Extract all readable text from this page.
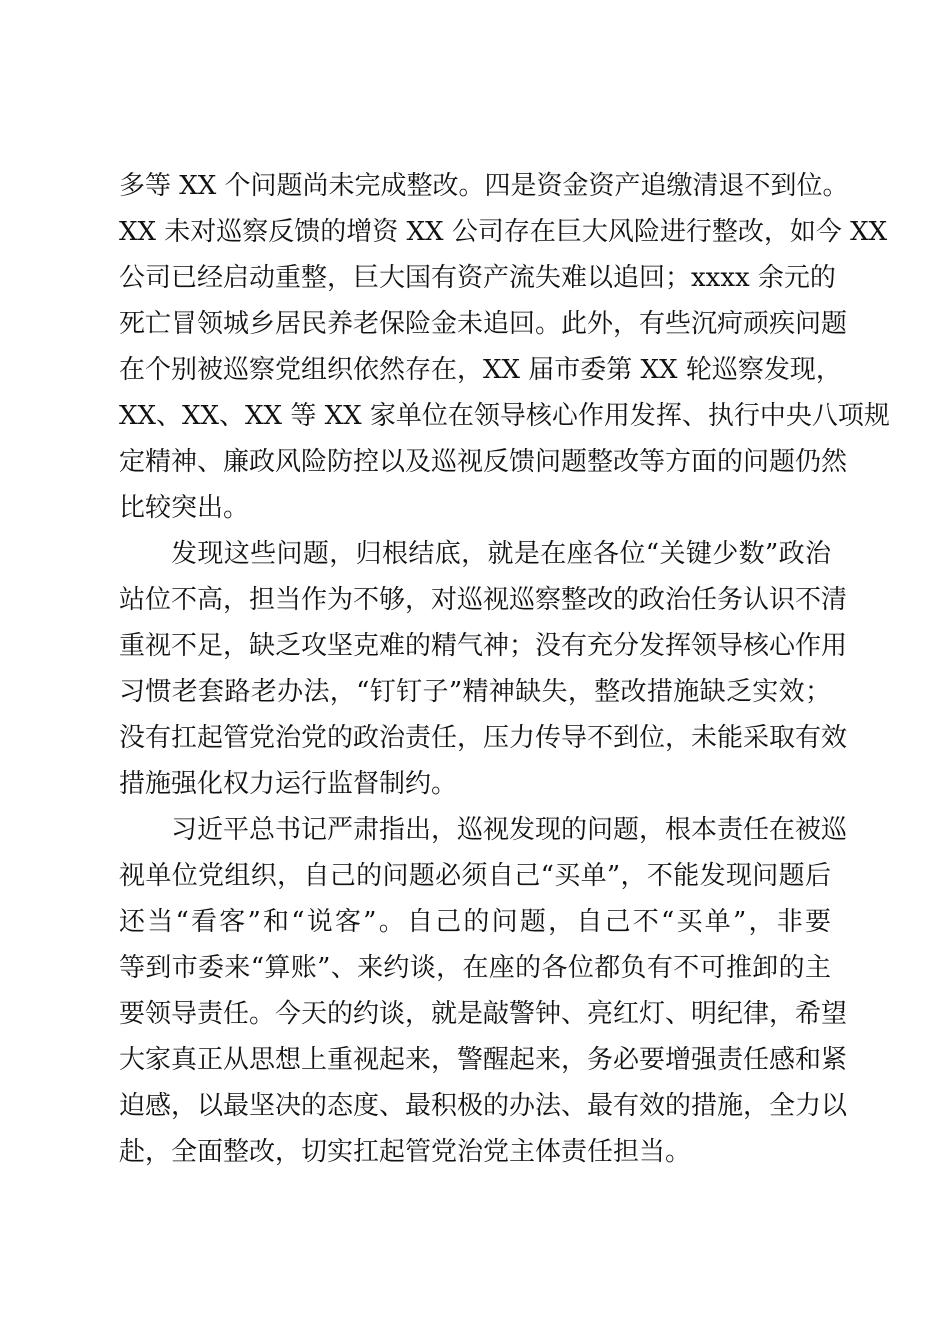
多等 XX 个问题尚未完成整改。四是资金资产追缴清退不到位。
XX 未对巡察反馈的增资 XX 公司存在巨大风险进行整改，如今 XX
公司已经启动重整，巨大国有资产流失难以追回；xxxx 余元的
死亡冒领城乡居民养老保险金未追回。此外，有些沉疴顽疾问题
在个别被巡察党组织依然存在，XX 届市委第 XX 轮巡察发现，
XX、XX、XX 等 XX 家单位在领导核心作用发挥、执行中央八项规
定精神、廉政风险防控以及巡视反馈问题整改等方面的问题仍然
比较突出。
发现这些问题，归根结底，就是在座各位“关键少数”政治
站位不高，担当作为不够，对巡视巡察整改的政治任务认识不清
重视不足，缺乏攻坚克难的精气神；没有充分发挥领导核心作用
习惯老套路老办法，“钉钉子”精神缺失，整改措施缺乏实效；
没有扛起管党治党的政治责任，压力传导不到位，未能采取有效
措施强化权力运行监督制约。
习近平总书记严肃指出，巡视发现的问题，根本责任在被巡
视单位党组织，自己的问题必须自己“买单”，不能发现问题后
还当“看客”和“说客”。自己的问题，自己不“买单”，非要
等到市委来“算账”、来约谈，在座的各位都负有不可推卸的主
要领导责任。今天的约谈，就是敲警钟、亮红灯、明纪律，希望
大家真正从思想上重视起来，警醒起来，务必要增强责任感和紧
迫感，以最坚决的态度、最积极的办法、最有效的措施，全力以
赴，全面整改，切实扛起管党治党主体责任担当。
